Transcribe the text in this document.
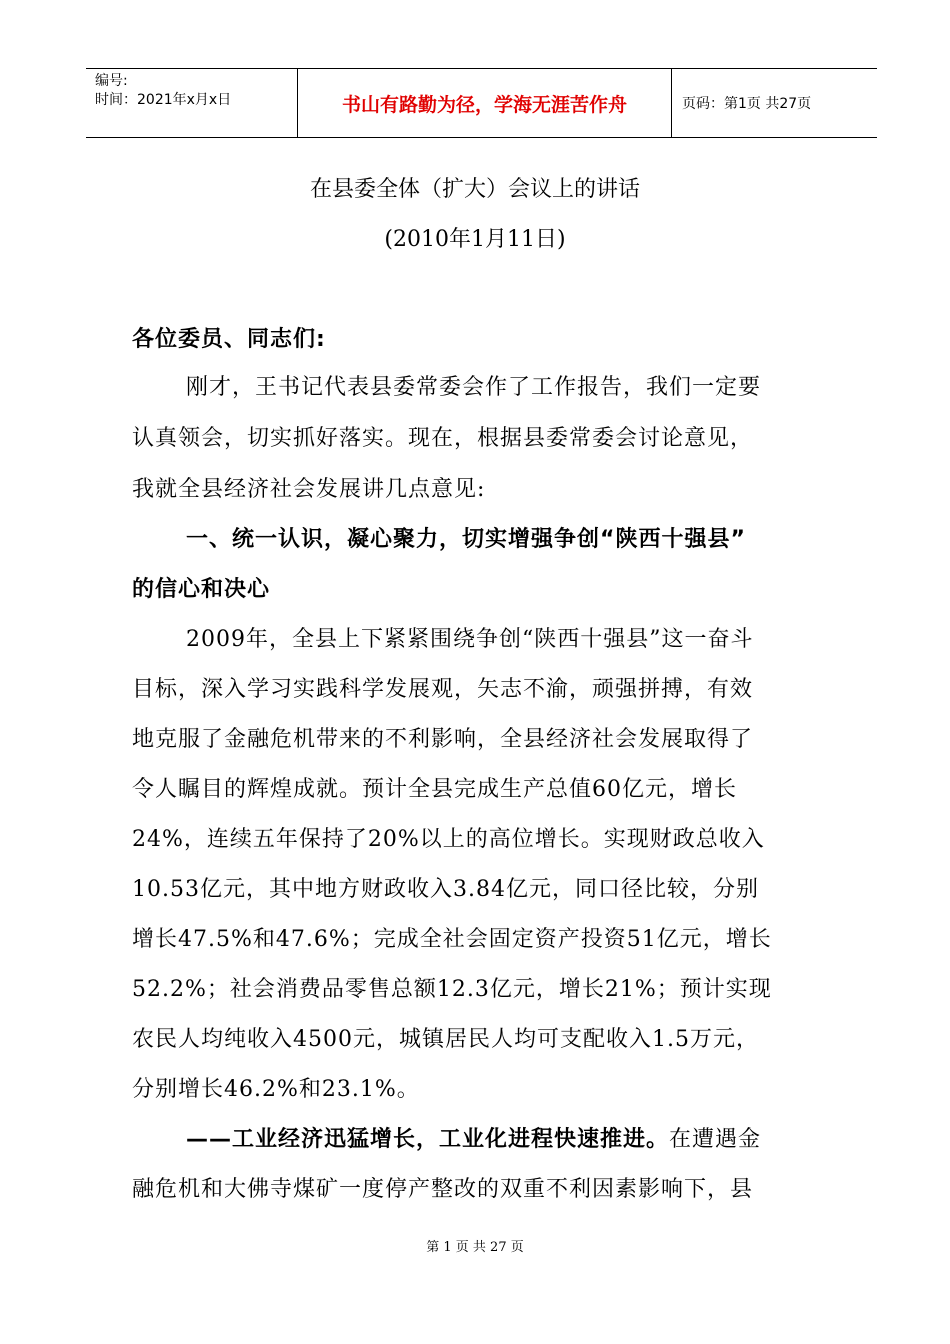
编号:
时间：2021年x月x日	书山有路勤为径，学海无涯苦作舟	页码：第1页 共27页
在县委全体（扩大）会议上的讲话
(2010年1月11日)
各位委员、同志们:
刚才，王书记代表县委常委会作了工作报告，我们一定要
认真领会，切实抓好落实。现在，根据县委常委会讨论意见，
我就全县经济社会发展讲几点意见:
一、统一认识，凝心聚力，切实增强争创“陕西十强县”
的信心和决心
2009年，全县上下紧紧围绕争创“陕西十强县”这一奋斗
目标，深入学习实践科学发展观，矢志不渝，顽强拼搏，有效
地克服了金融危机带来的不利影响，全县经济社会发展取得了
令人瞩目的辉煌成就。预计全县完成生产总值60亿元，增长
24%，连续五年保持了20%以上的高位增长。实现财政总收入
10.53亿元，其中地方财政收入3.84亿元，同口径比较，分别
增长47.5%和47.6%；完成全社会固定资产投资51亿元，增长
52.2%；社会消费品零售总额12.3亿元，增长21%；预计实现
农民人均纯收入4500元，城镇居民人均可支配收入1.5万元，
分别增长46.2%和23.1%。
——工业经济迅猛增长，工业化进程快速推进。在遭遇金
融危机和大佛寺煤矿一度停产整改的双重不利因素影响下，县
第 1 页 共 27 页
